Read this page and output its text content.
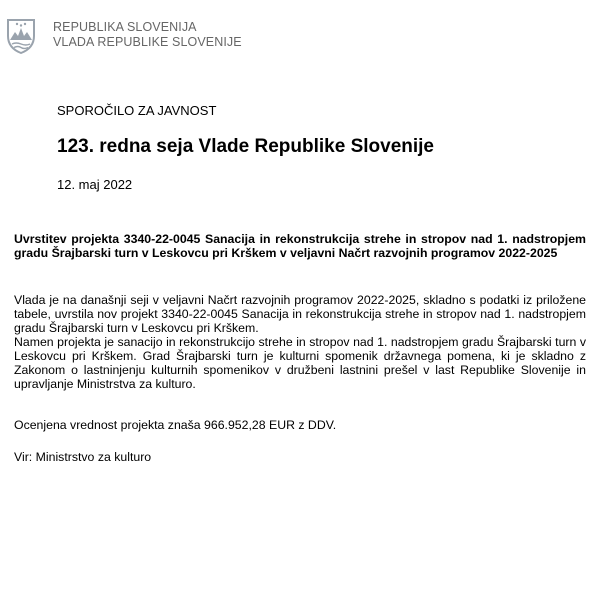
REPUBLIKA SLOVENIJA
VLADA REPUBLIKE SLOVENIJE
SPOROČILO ZA JAVNOST
123. redna seja Vlade Republike Slovenije
12. maj 2022
Uvrstitev projekta 3340-22-0045 Sanacija in rekonstrukcija strehe in stropov nad 1. nadstropjem gradu Šrajbarski turn v Leskovcu pri Krškem v veljavni Načrt razvojnih programov 2022-2025

Vlada je na današnji seji v veljavni Načrt razvojnih programov 2022-2025, skladno s podatki iz priložene tabele, uvrstila nov projekt 3340-22-0045 Sanacija in rekonstrukcija strehe in stropov nad 1. nadstropjem gradu Šrajbarski turn v Leskovcu pri Krškem.

Namen projekta je sanacijo in rekonstrukcijo strehe in stropov nad 1. nadstropjem gradu Šrajbarski turn v Leskovcu pri Krškem. Grad Šrajbarski turn je kulturni spomenik državnega pomena, ki je skladno z Zakonom o lastninjenju kulturnih spomenikov v družbeni lastnini prešel v last Republike Slovenije in upravljanje Ministrstva za kulturo.

Ocenjena vrednost projekta znaša 966.952,28 EUR z DDV.
Vir: Ministrstvo za kulturo
